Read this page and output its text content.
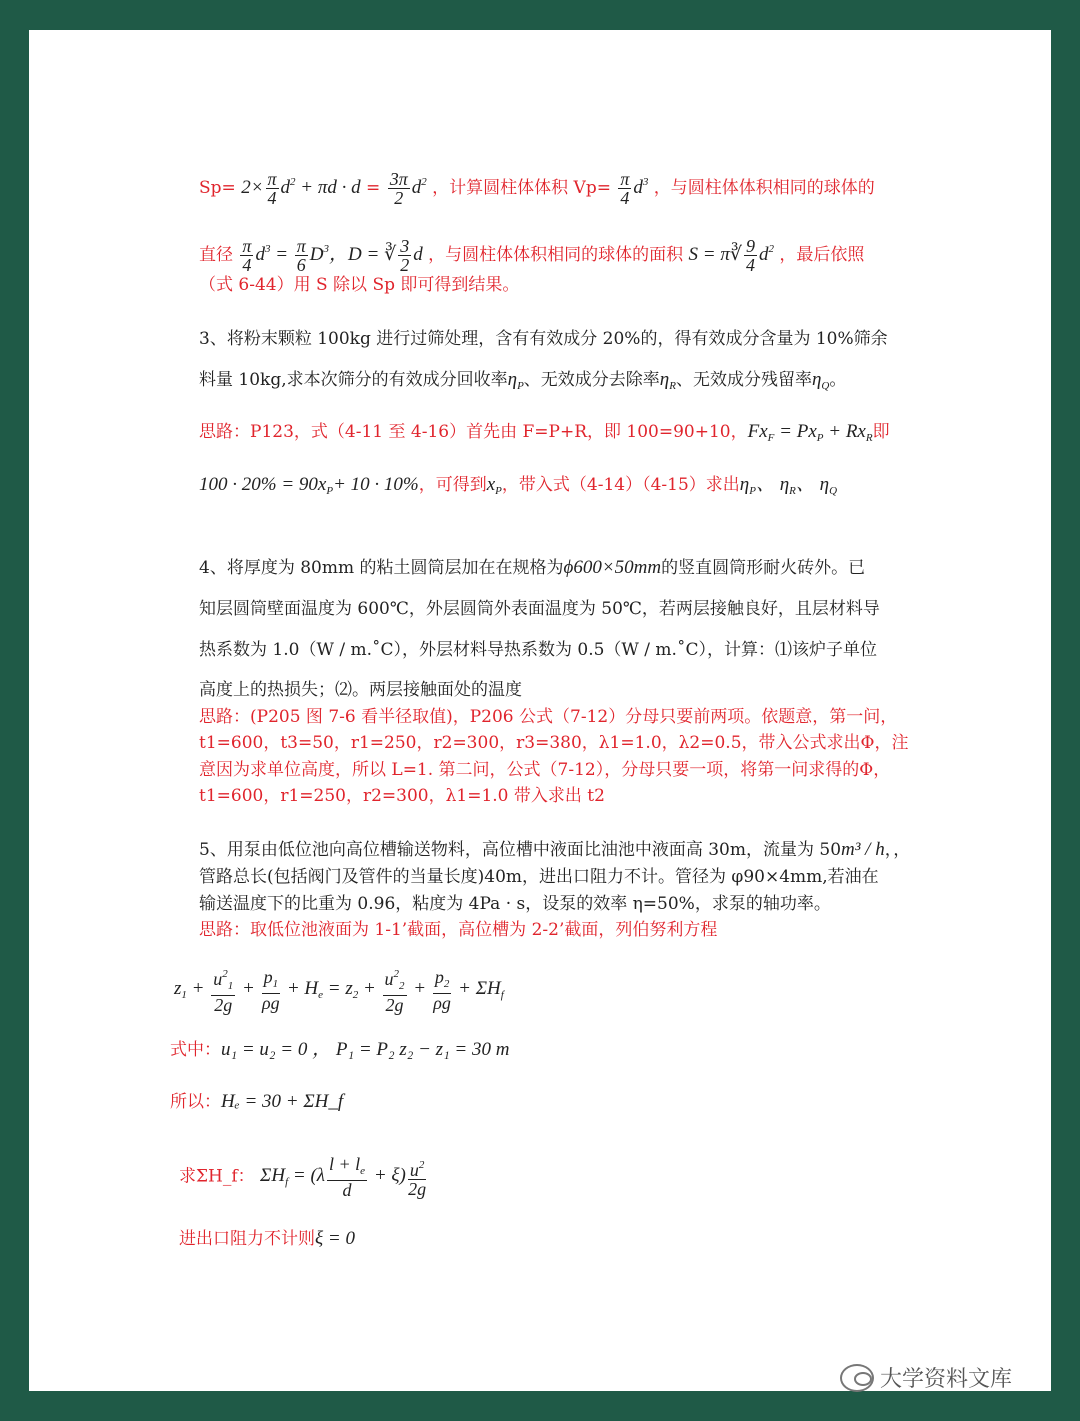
$Sp= 2\times \frac{\pi}{4} d^2 + \pi d \cdot d = \frac{3\pi}{2} d^2$ ，计算圆柱体体积 $Vp= \frac{\pi}{4} d^3$ ，与圆柱体体积相同的球体的
直径 $\frac{\pi}{4} d^3 = \frac{\pi}{6} D^3$，D = ∛ $\frac{3}{2}$ d ，与圆柱体体积相同的球体的面积 S = π∛ $\frac{9}{4} d^2$ ，最后依照
（式 6-44）用 S 除以 Sp 即可得到结果。
3、将粉末颗粒 100kg 进行过筛处理，含有有效成分 20%的，得有效成分含量为 10%筛余
料量 10kg,求本次筛分的有效成分回收率$\eta_P$、无效成分去除率$\eta_R$、无效成分残留率$\eta_Q$。
思路：P123，式（4-11 至 4-16）首先由 F=P+R，即 100=90+10，$Fx_F = Px_P + Rx_R$即
$100 \cdot 20\% = 90x_P+ 10 \cdot 10\%$，可得到$x_P$，带入式（4-14）（4-15）求出$\eta_P$、 $\eta_R$、 $\eta_Q$
4、将厚度为 80mm 的粘土圆筒层加在在规格为ϕ600×50mm的竖直圆筒形耐火砖外。已
知层圆筒壁面温度为 600℃，外层圆筒外表面温度为 50℃，若两层接触良好，且层材料导
热系数为 1.0（W / m.˚C），外层材料导热系数为 0.5（W / m.˚C），计算：⑴该炉子单位
高度上的热损失；⑵。两层接触面处的温度
思路：(P205 图 7-6 看半径取值)，P206 公式（7-12）分母只要前两项。依题意，第一问，
t1=600，t3=50，r1=250，r2=300，r3=380，λ1=1.0，λ2=0.5，带入公式求出Φ，注
意因为求单位高度，所以 L=1. 第二问，公式（7-12），分母只要一项，将第一问求得的Φ，
t1=600，r1=250，r2=300，λ1=1.0 带入求出 t2
5、用泵由低位池向高位槽输送物料，高位槽中液面比油池中液面高 30m，流量为 50m³ / h，，
管路总长(包括阀门及管件的当量长度)40m，进出口阻力不计。管径为 φ90×4mm,若油在
输送温度下的比重为 0.96，粘度为 4Pa · s，设泵的效率 η=50%，求泵的轴功率。
思路：取低位池液面为 1-1’截面，高位槽为 2-2’截面，列伯努利方程
$z_1 + \frac{u^2_1}{2g} + \frac{p_1}{\rho g} + H_e = z_2 + \frac{u^2_2}{2g} + \frac{p_2}{\rho g} + \Sigma H_f$
式中：u₁ = u₂ = 0 ， P₁ = P₂ z₂ − z₁ = 30 m
所以：Hₑ = 30 + ΣH_f
求ΣH_f： $\Sigma H_f = (\lambda \frac{l + l_e}{d} + \xi) \frac{u^2}{2g}$
进出口阻力不计则ξ = 0
大学资料文库
